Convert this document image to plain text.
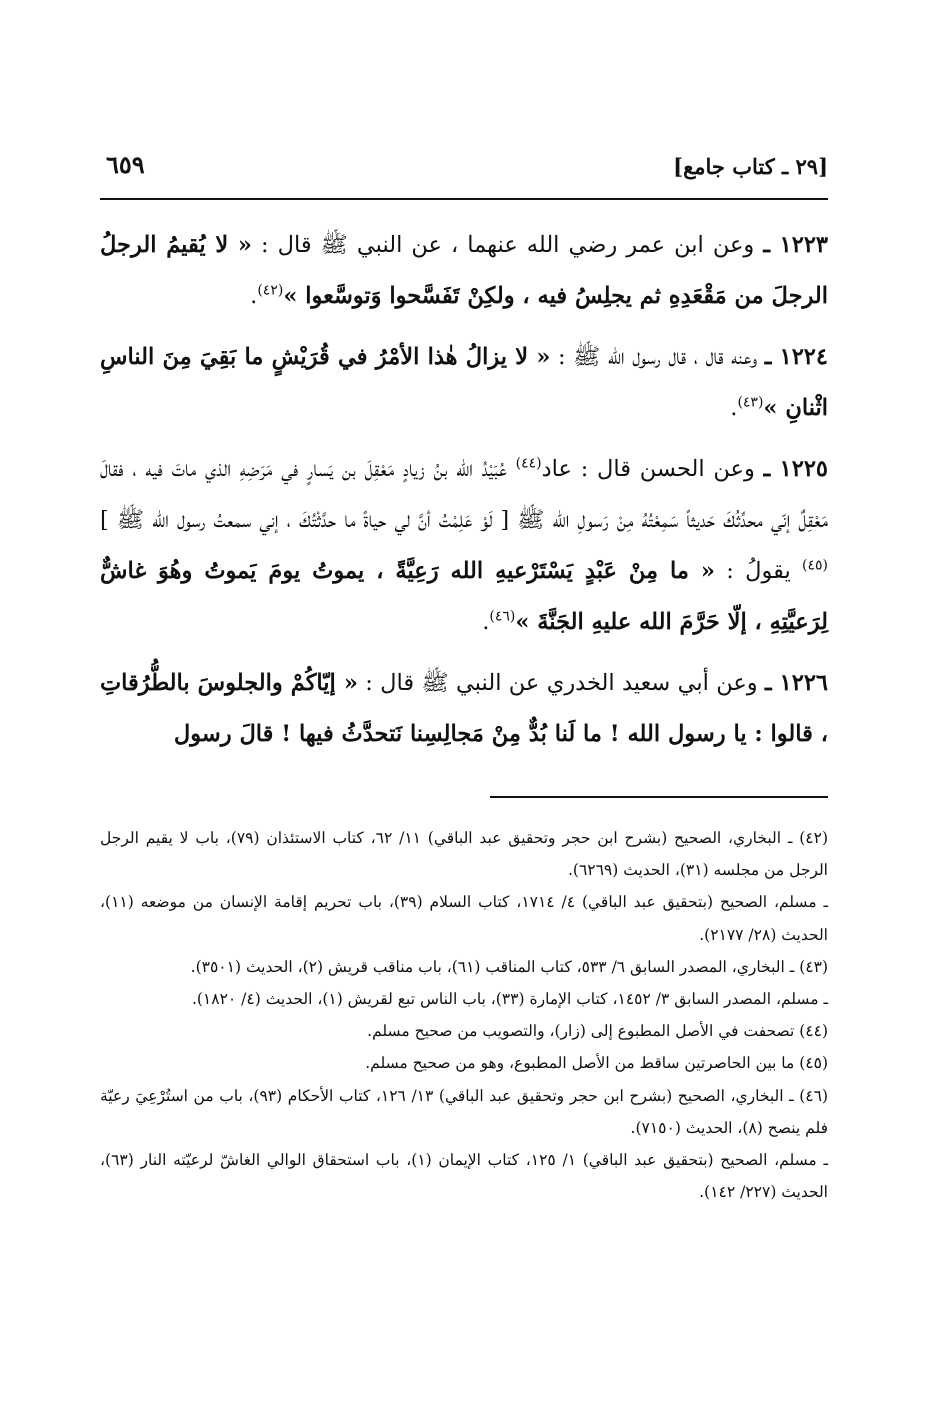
[٢٩ ـ كتاب جامع]
٦٥٩

١٢٢٣ ـ وعن ابن عمر رضي الله عنهما ، عن النبي ﷺ قال : « لا يُقيمُ الرجلُ الرجلَ من مَقْعَدِهِ ثم يجلِسُ فيه ، ولكِنْ تَفَسَّحوا وَتوسَّعوا »$^{(٤٢)}$.

١٢٢٤ ـ وعنه قال ، قال رسول الله ﷺ : « لا يزالُ هٰذا الأمْرُ في قُرَيْشٍ ما بَقِيَ مِنَ الناسِ اثْنانِ »$^{(٤٣)}$.

١٢٢٥ ـ وعن الحسن قال : عاد$^{(٤٤)}$ عُبَيْدُ الله بنُ زيادٍ مَعْقِلَ بن يَسارٍ في مَرَضِهِ الذي ماتَ فيه ، فقالَ مَعْقِلٌ إنّي محدِّثُكَ حَديثاً سَمِعْتُهُ مِنْ رَسولِ الله ﷺ [ لَوْ عَلِمْتُ أنَّ لي حياةً ما حدَّثْتُكَ ، إني سمعتُ رسول الله ﷺ ]$^{(٤٥)}$ يقولُ : « ما مِنْ عَبْدٍ يَسْتَرْعيهِ الله رَعِيَّةً ، يموتُ يومَ يَموتُ وهُوَ غاشٌّ لِرَعيَّتِهِ ، إلّا حَرَّمَ الله عليهِ الجَنَّةَ »$^{(٤٦)}$.

١٢٢٦ ـ وعن أبي سعيد الخدري عن النبي ﷺ قال : « إيّاكُمْ والجلوسَ بالطُّرُقاتِ ، قالوا : يا رسول الله ! ما لَنا بُدٌّ مِنْ مَجالِسِنا نَتحدَّثُ فيها ! قالَ رسول

(٤٢) ـ البخاري، الصحيح (بشرح ابن حجر وتحقيق عبد الباقي) ١١/ ٦٢، كتاب الاستئذان (٧٩)، باب لا يقيم الرجل الرجل من مجلسه (٣١)، الحديث (٦٢٦٩).

ـ مسلم، الصحيح (بتحقيق عبد الباقي) ٤/ ١٧١٤، كتاب السلام (٣٩)، باب تحريم إقامة الإنسان من موضعه (١١)، الحديث (٢٨/ ٢١٧٧).

(٤٣) ـ البخاري، المصدر السابق ٦/ ٥٣٣، كتاب المناقب (٦١)، باب مناقب قريش (٢)، الحديث (٣٥٠١).

ـ مسلم، المصدر السابق ٣/ ١٤٥٢، كتاب الإمارة (٣٣)، باب الناس تبع لقريش (١)، الحديث (٤/ ١٨٢٠).

(٤٤) تصحفت في الأصل المطبوع إلى (زار)، والتصويب من صحيح مسلم.

(٤٥) ما بين الحاصرتين ساقط من الأصل المطبوع، وهو من صحيح مسلم.

(٤٦) ـ البخاري، الصحيح (بشرح ابن حجر وتحقيق عبد الباقي) ١٣/ ١٢٦، كتاب الأحكام (٩٣)، باب من استُرْعِيَ رعيّة فلم ينصح (٨)، الحديث (٧١٥٠).

ـ مسلم، الصحيح (بتحقيق عبد الباقي) ١/ ١٢٥، كتاب الإيمان (١)، باب استحقاق الوالي الغاشّ لرعيّته النار (٦٣)، الحديث (٢٢٧/ ١٤٢).
